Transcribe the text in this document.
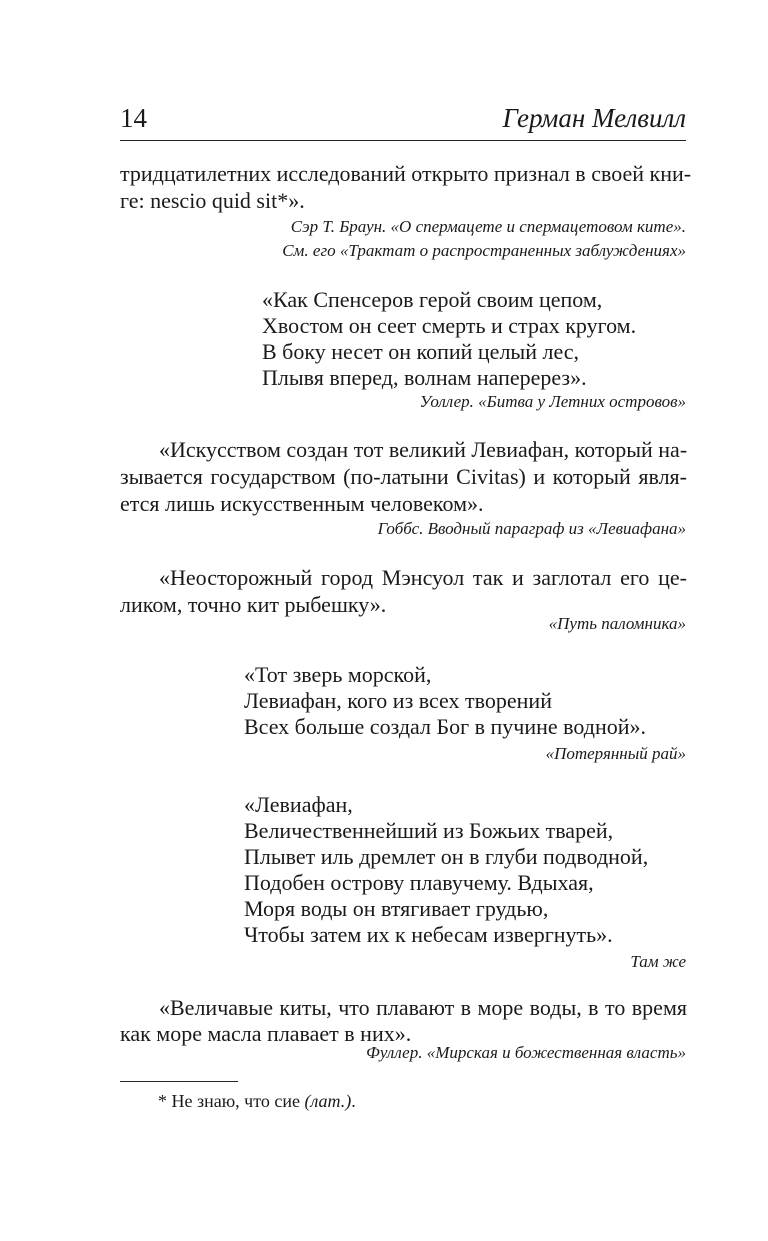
14	Герман Мелвилл
тридцатилетних исследований открыто признал в своей кни-
ге: nescio quid sit*».
Сэр Т. Браун. «О спермацете и спермацетовом ките».
См. его «Трактат о распространенных заблуждениях»
«Как Спенсеров герой своим цепом,
Хвостом он сеет смерть и страх кругом.
В боку несет он копий целый лес,
Плывя вперед, волнам наперерез».
Уоллер. «Битва у Летних островов»
«Искусством создан тот великий Левиафан, который на-
зывается государством (по-латыни Civitas) и который явля-
ется лишь искусственным человеком».
Гоббс. Вводный параграф из «Левиафана»
«Неосторожный город Мэнсуол так и заглотал его це-
ликом, точно кит рыбешку».
«Путь паломника»
«Тот зверь морской,
Левиафан, кого из всех творений
Всех больше создал Бог в пучине водной».
«Потерянный рай»
«Левиафан,
Величественнейший из Божьих тварей,
Плывет иль дремлет он в глуби подводной,
Подобен острову плавучему. Вдыхая,
Моря воды он втягивает грудью,
Чтобы затем их к небесам извергнуть».
Там же
«Величавые киты, что плавают в море воды, в то время
как море масла плавает в них».
Фуллер. «Мирская и божественная власть»
* Не знаю, что сие (лат.).
